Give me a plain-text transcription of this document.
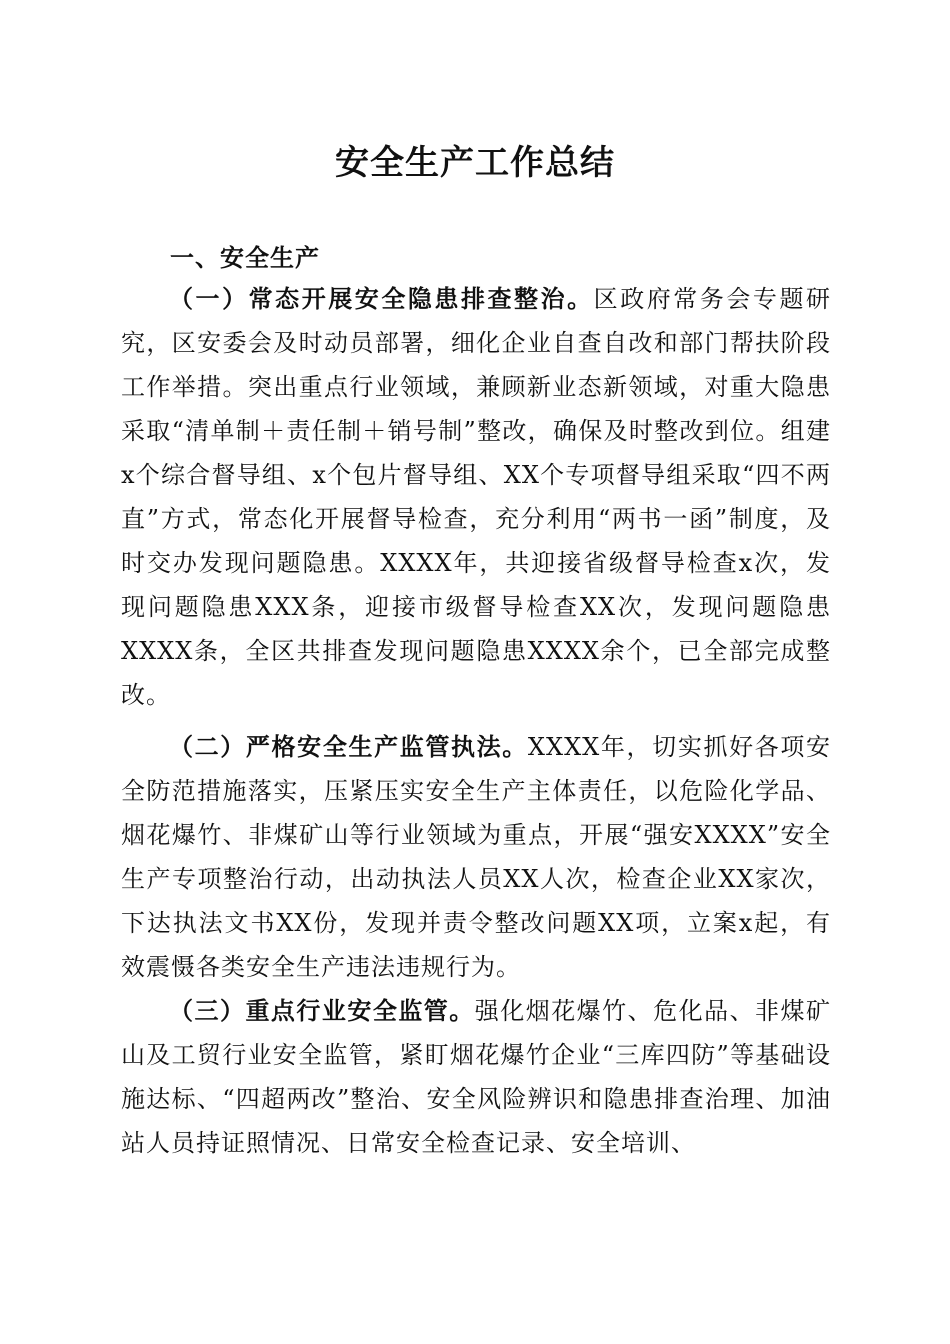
安全生产工作总结
一、安全生产

（一）常态开展安全隐患排查整治。区政府常务会专题研究，区安委会及时动员部署，细化企业自查自改和部门帮扶阶段工作举措。突出重点行业领域，兼顾新业态新领域，对重大隐患采取“清单制＋责任制＋销号制”整改，确保及时整改到位。组建x个综合督导组、x个包片督导组、XX个专项督导组采取“四不两直”方式，常态化开展督导检查，充分利用“两书一函”制度，及时交办发现问题隐患。XXXX年，共迎接省级督导检查x次，发现问题隐患XXX条，迎接市级督导检查XX次，发现问题隐患XXXX条，全区共排查发现问题隐患XXXX余个，已全部完成整改。

（二）严格安全生产监管执法。XXXX年，切实抓好各项安全防范措施落实，压紧压实安全生产主体责任，以危险化学品、烟花爆竹、非煤矿山等行业领域为重点，开展“强安XXXX”安全生产专项整治行动，出动执法人员XX人次，检查企业XX家次，下达执法文书XX份，发现并责令整改问题XX项，立案x起，有效震慑各类安全生产违法违规行为。

（三）重点行业安全监管。强化烟花爆竹、危化品、非煤矿山及工贸行业安全监管，紧盯烟花爆竹企业“三库四防”等基础设施达标、“四超两改”整治、安全风险辨识和隐患排查治理、加油站人员持证照情况、日常安全检查记录、安全培训、
